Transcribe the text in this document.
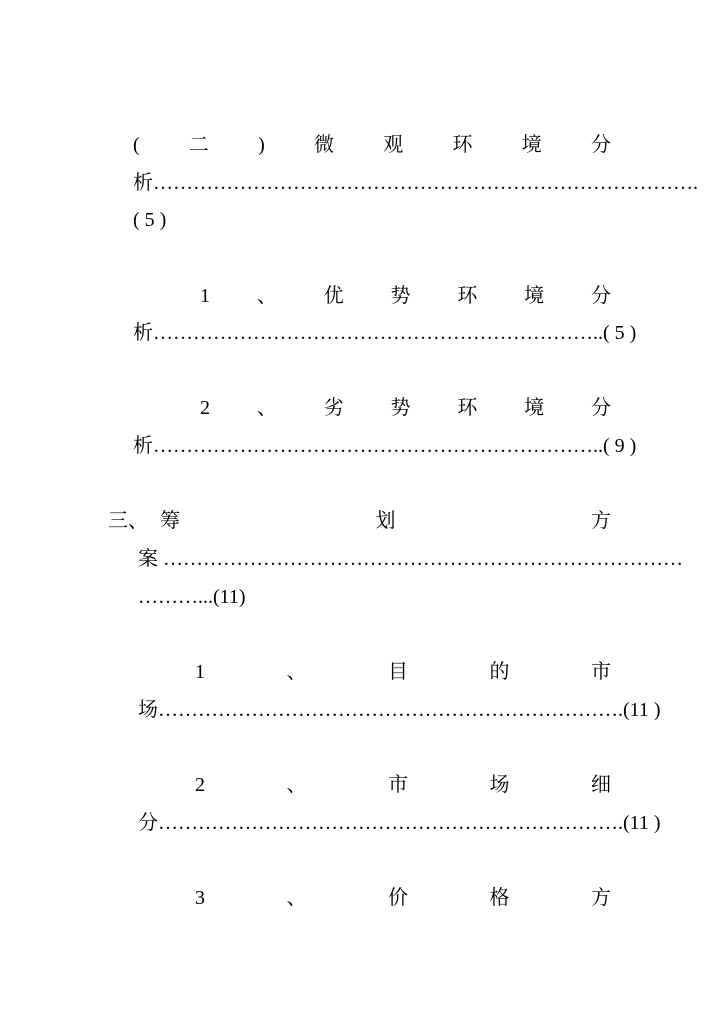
( 二 ) 微 观 环 境 分
析……………………………………………………………………….
( 5 )
1 、 优 势 环 境 分
析…………………………………………………………..( 5 )
2 、 劣 势 环 境 分
析…………………………………………………………..( 9 )
三、 筹	划	方
案 ……………………………………………………………………
………...(11)
1	、	目	的	市
场…………………………………………………………….(11 )
2	、	市	场	细
分…………………………………………………………….(11 )
3	、	价	格	方
